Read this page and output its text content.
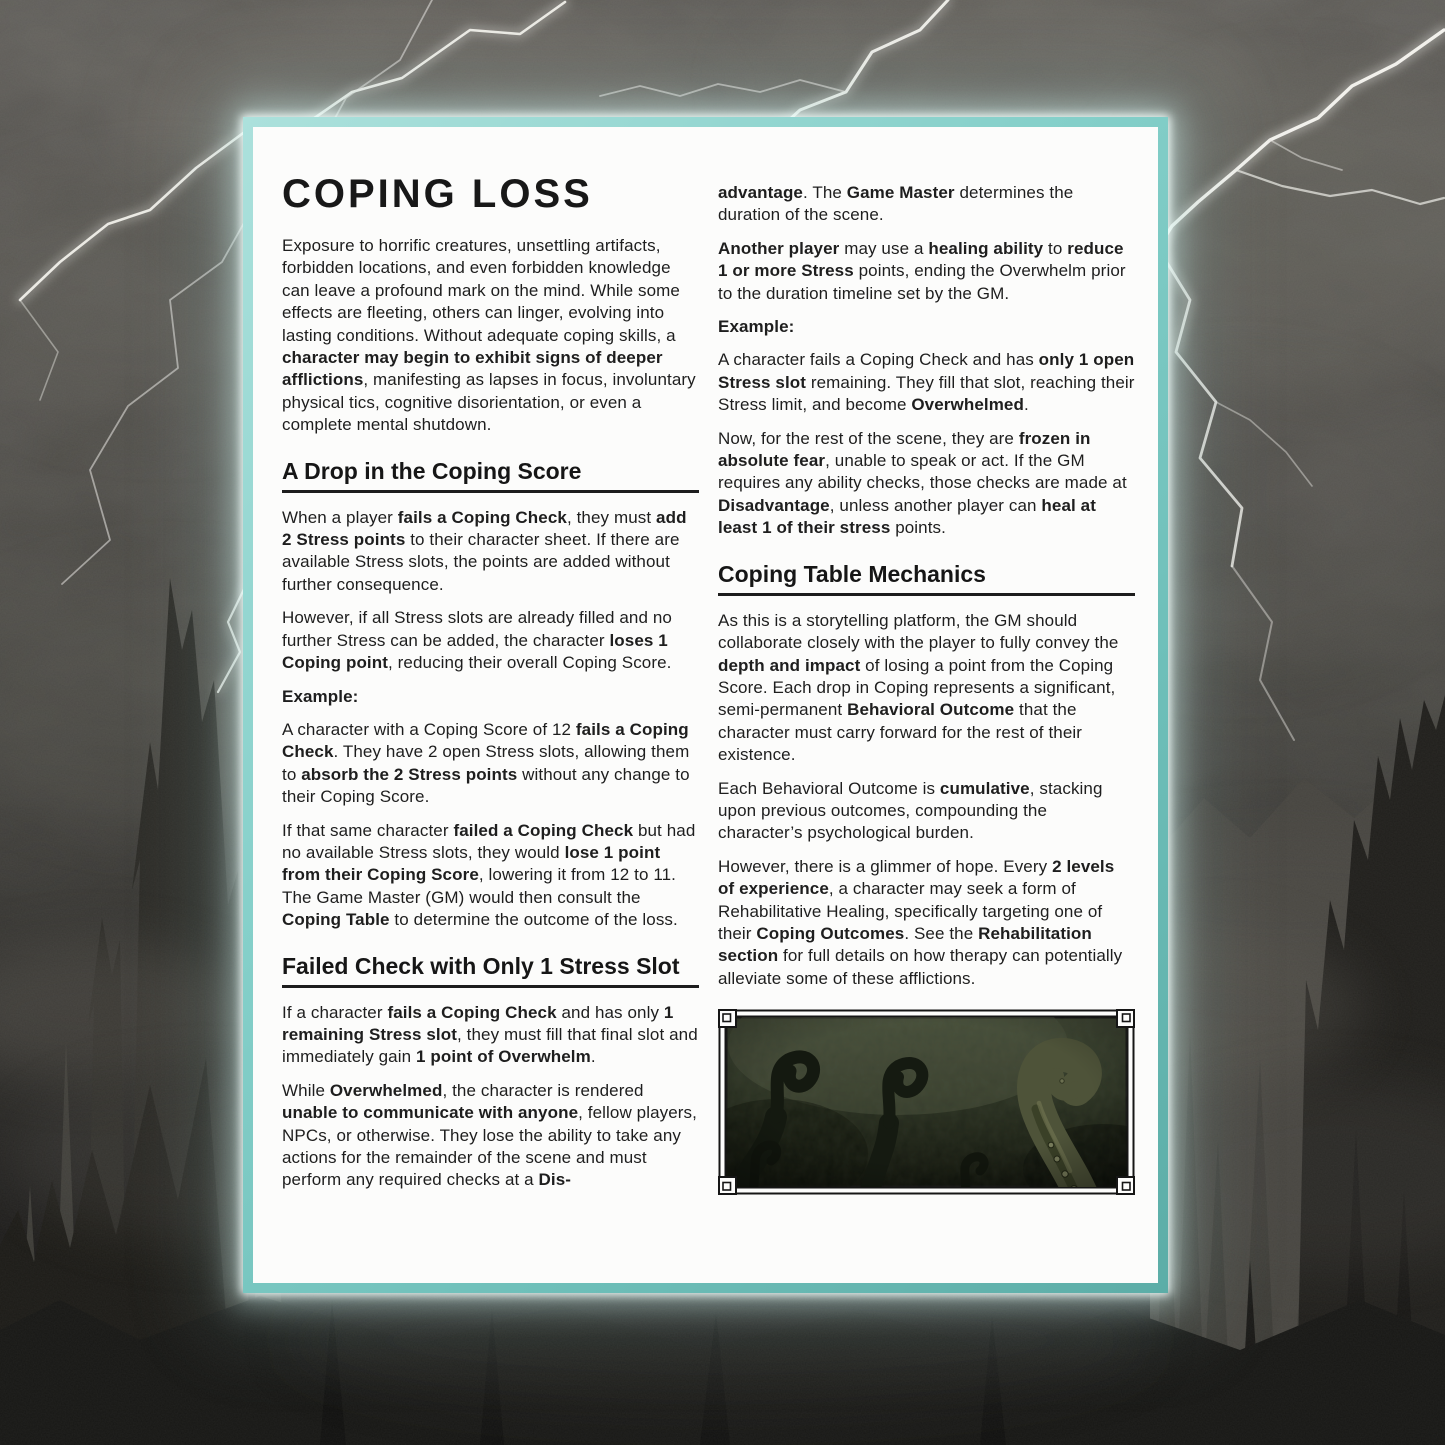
COPING LOSS

Exposure to horrific creatures, unsettling artifacts, forbidden locations, and even forbidden knowledge can leave a profound mark on the mind. While some effects are fleeting, others can linger, evolving into lasting conditions. Without adequate coping skills, a character may begin to exhibit signs of deeper afflictions, manifesting as lapses in focus, involuntary physical tics, cognitive disorientation, or even a complete mental shutdown.

A Drop in the Coping Score

When a player fails a Coping Check, they must add 2 Stress points to their character sheet. If there are available Stress slots, the points are added without further consequence.

However, if all Stress slots are already filled and no further Stress can be added, the character loses 1 Coping point, reducing their overall Coping Score.

Example:

A character with a Coping Score of 12 fails a Coping Check. They have 2 open Stress slots, allowing them to absorb the 2 Stress points without any change to their Coping Score.

If that same character failed a Coping Check but had no available Stress slots, they would lose 1 point from their Coping Score, lowering it from 12 to 11. The Game Master (GM) would then consult the Coping Table to determine the outcome of the loss.

Failed Check with Only 1 Stress Slot

If a character fails a Coping Check and has only 1 remaining Stress slot, they must fill that final slot and immediately gain 1 point of Overwhelm.

While Overwhelmed, the character is rendered unable to communicate with anyone, fellow players, NPCs, or otherwise. They lose the ability to take any actions for the remainder of the scene and must perform any required checks at a Dis-

advantage. The Game Master determines the duration of the scene.

Another player may use a healing ability to reduce 1 or more Stress points, ending the Overwhelm prior to the duration timeline set by the GM.

Example:

A character fails a Coping Check and has only 1 open Stress slot remaining. They fill that slot, reaching their Stress limit, and become Overwhelmed.

Now, for the rest of the scene, they are frozen in absolute fear, unable to speak or act. If the GM requires any ability checks, those checks are made at Disadvantage, unless another player can heal at least 1 of their stress points.

Coping Table Mechanics

As this is a storytelling platform, the GM should collaborate closely with the player to fully convey the depth and impact of losing a point from the Coping Score. Each drop in Coping represents a significant, semi-permanent Behavioral Outcome that the character must carry forward for the rest of their existence.

Each Behavioral Outcome is cumulative, stacking upon previous outcomes, compounding the character’s psychological burden.

However, there is a glimmer of hope. Every 2 levels of experience, a character may seek a form of Rehabilitative Healing, specifically targeting one of their Coping Outcomes. See the Rehabilitation section for full details on how therapy can potentially alleviate some of these afflictions.
